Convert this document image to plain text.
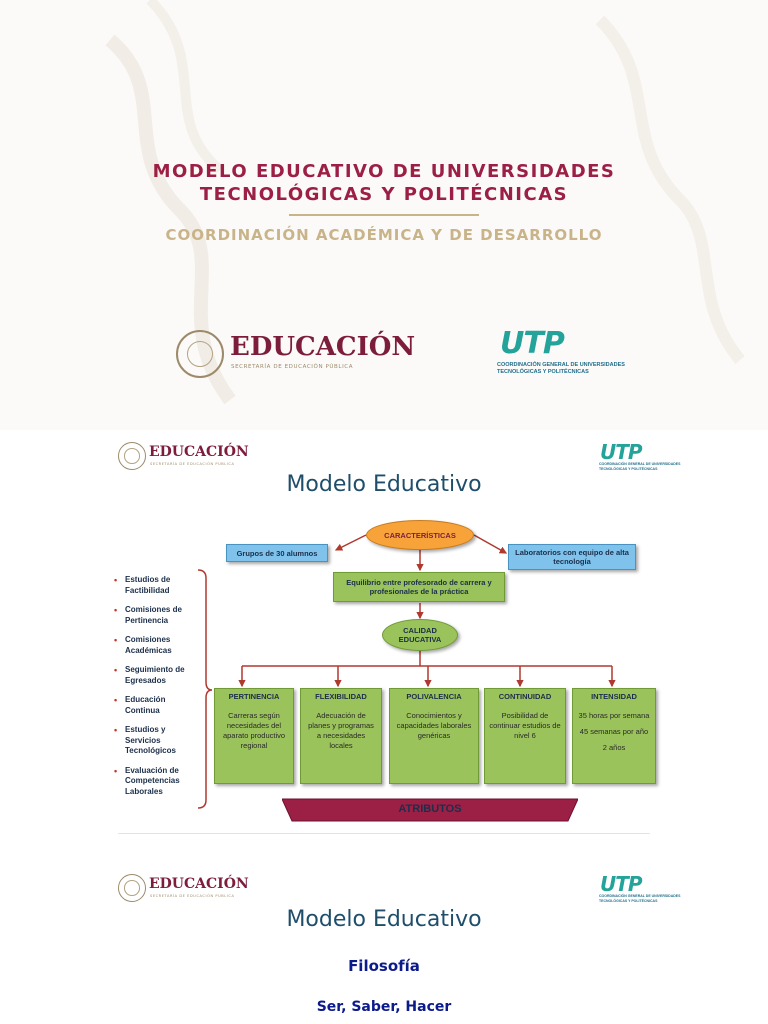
MODELO EDUCATIVO DE UNIVERSIDADES
TECNOLÓGICAS Y POLITÉCNICAS
COORDINACIÓN ACADÉMICA Y DE DESARROLLO
EDUCACIÓN
SECRETARÍA DE EDUCACIÓN PÚBLICA
UTP
COORDINACIÓN GENERAL DE UNIVERSIDADES
TECNOLÓGICAS Y POLITÉCNICAS
EDUCACIÓN
SECRETARÍA DE EDUCACIÓN PÚBLICA	UTP
COORDINACIÓN GENERAL DE UNIVERSIDADES
TECNOLÓGICAS Y POLITÉCNICAS
Modelo Educativo
CARACTERÍSTICAS
Grupos de 30 alumnos	Laboratorios con equipo de alta tecnología
Equilibrio entre profesorado de carrera y profesionales de la práctica
CALIDAD EDUCATIVA
• Estudios de Factibilidad
• Comisiones de Pertinencia
• Comisiones Académicas
• Seguimiento de Egresados
• Educación Continua
• Estudios y Servicios Tecnológicos
• Evaluación de Competencias Laborales
PERTINENCIA

Carreras según necesidades del aparato productivo regional

FLEXIBILIDAD

Adecuación de planes y programas a necesidades locales

POLIVALENCIA

Conocimientos y capacidades laborales genéricas

CONTINUIDAD

Posibilidad de continuar estudios de nivel 6

INTENSIDAD

35 horas por semana

45 semanas por año

2 años

ATRIBUTOS
EDUCACIÓN
SECRETARÍA DE EDUCACIÓN PÚBLICA	UTP
COORDINACIÓN GENERAL DE UNIVERSIDADES
TECNOLÓGICAS Y POLITÉCNICAS
Modelo Educativo
Filosofía
Ser, Saber, Hacer
